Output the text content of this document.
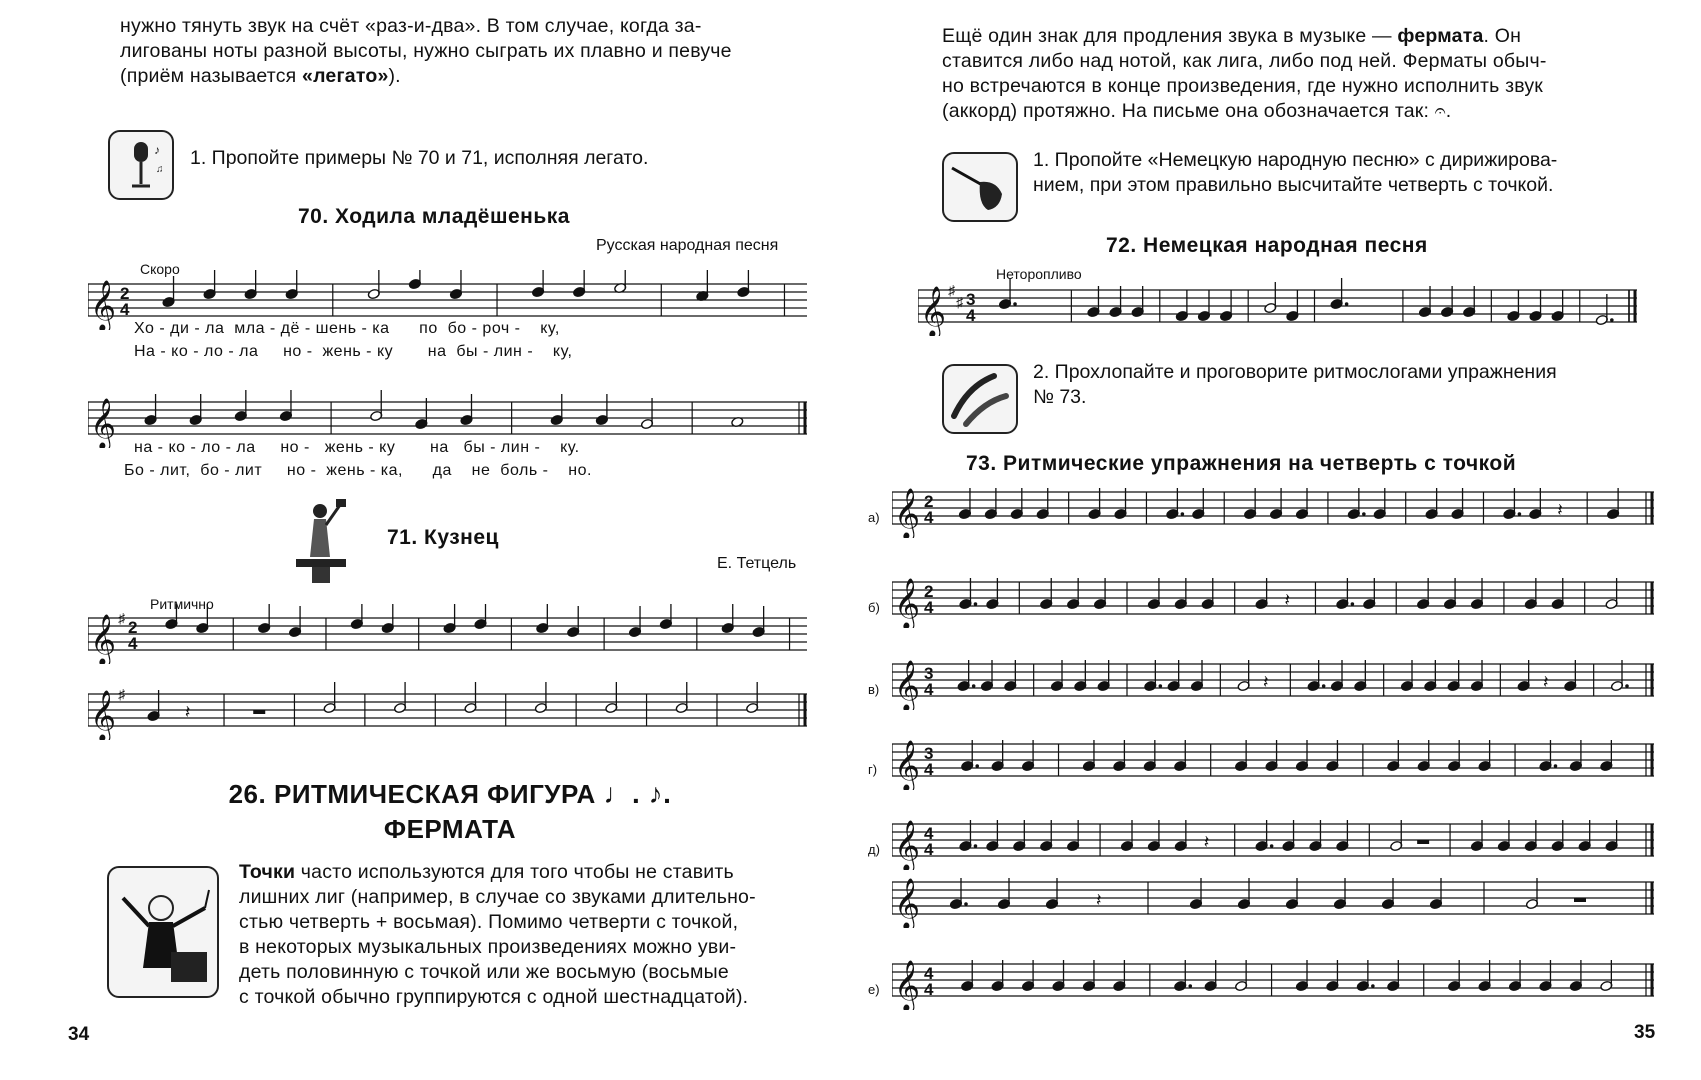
нужно тянуть звук на счёт «раз-и-два». В том случае, когда за-
лигованы ноты разной высоты, нужно сыграть их плавно и певуче
(приём называется «легато»).
♪
♫
1. Пропойте примеры № 70 и 71, исполняя легато.
70. Ходила младёшенька
Русская народная песня
Скоро
𝄞 2
4
Хо - ди - ла  мла - дё - шень - ка      по  бо - роч -    ку,
На - ко - ло - ла     но -  жень - ку       на  бы - лин -    ку,
𝄞 на - ко - ло - ла     но -   жень - ку       на   бы - лин -    ку.
Бо - лит,  бо - лит     но -  жень - ка,      да    не  боль -    но.
71. Кузнец
Е. Тетцель
Ритмично
𝄞 ♯
2
4
𝄞 ♯
𝄽
26. РИТМИЧЕСКАЯ ФИГУРА ♩. ♪.
ФЕРМАТА
Точки часто используются для того чтобы не ставить
лишних лиг (например, в случае со звуками длительно-
стью четверть + восьмая). Помимо четверти с точкой,
в некоторых музыкальных произведениях можно уви-
деть половинную с точкой или же восьмую (восьмые
с точкой обычно группируются с одной шестнадцатой).
34
Ещё один знак для продления звука в музыке — фермата. Он
ставится либо над нотой, как лига, либо под ней. Ферматы обыч-
но встречаются в конце произведения, где нужно исполнить звук
(аккорд) протяжно. На письме она обозначается так: 𝄐.
1. Пропойте «Немецкую народную песню» с дирижирова-
нием, при этом правильно высчитайте четверть с точкой.
72. Немецкая народная песня
Неторопливо
𝄞 ♯
♯ 3
4
2. Прохлопайте и проговорите ритмослогами упражнения
№ 73.
73. Ритмические упражнения на четверть с точкой
а) 𝄞 2
4	𝄽
б) 𝄞 2
4	𝄽
в) 𝄞 3
4	𝄽	𝄽
г) 𝄞 3
4
д) 𝄞 4
4	𝄽
𝄞	𝄽
е) 𝄞 4
4
35
